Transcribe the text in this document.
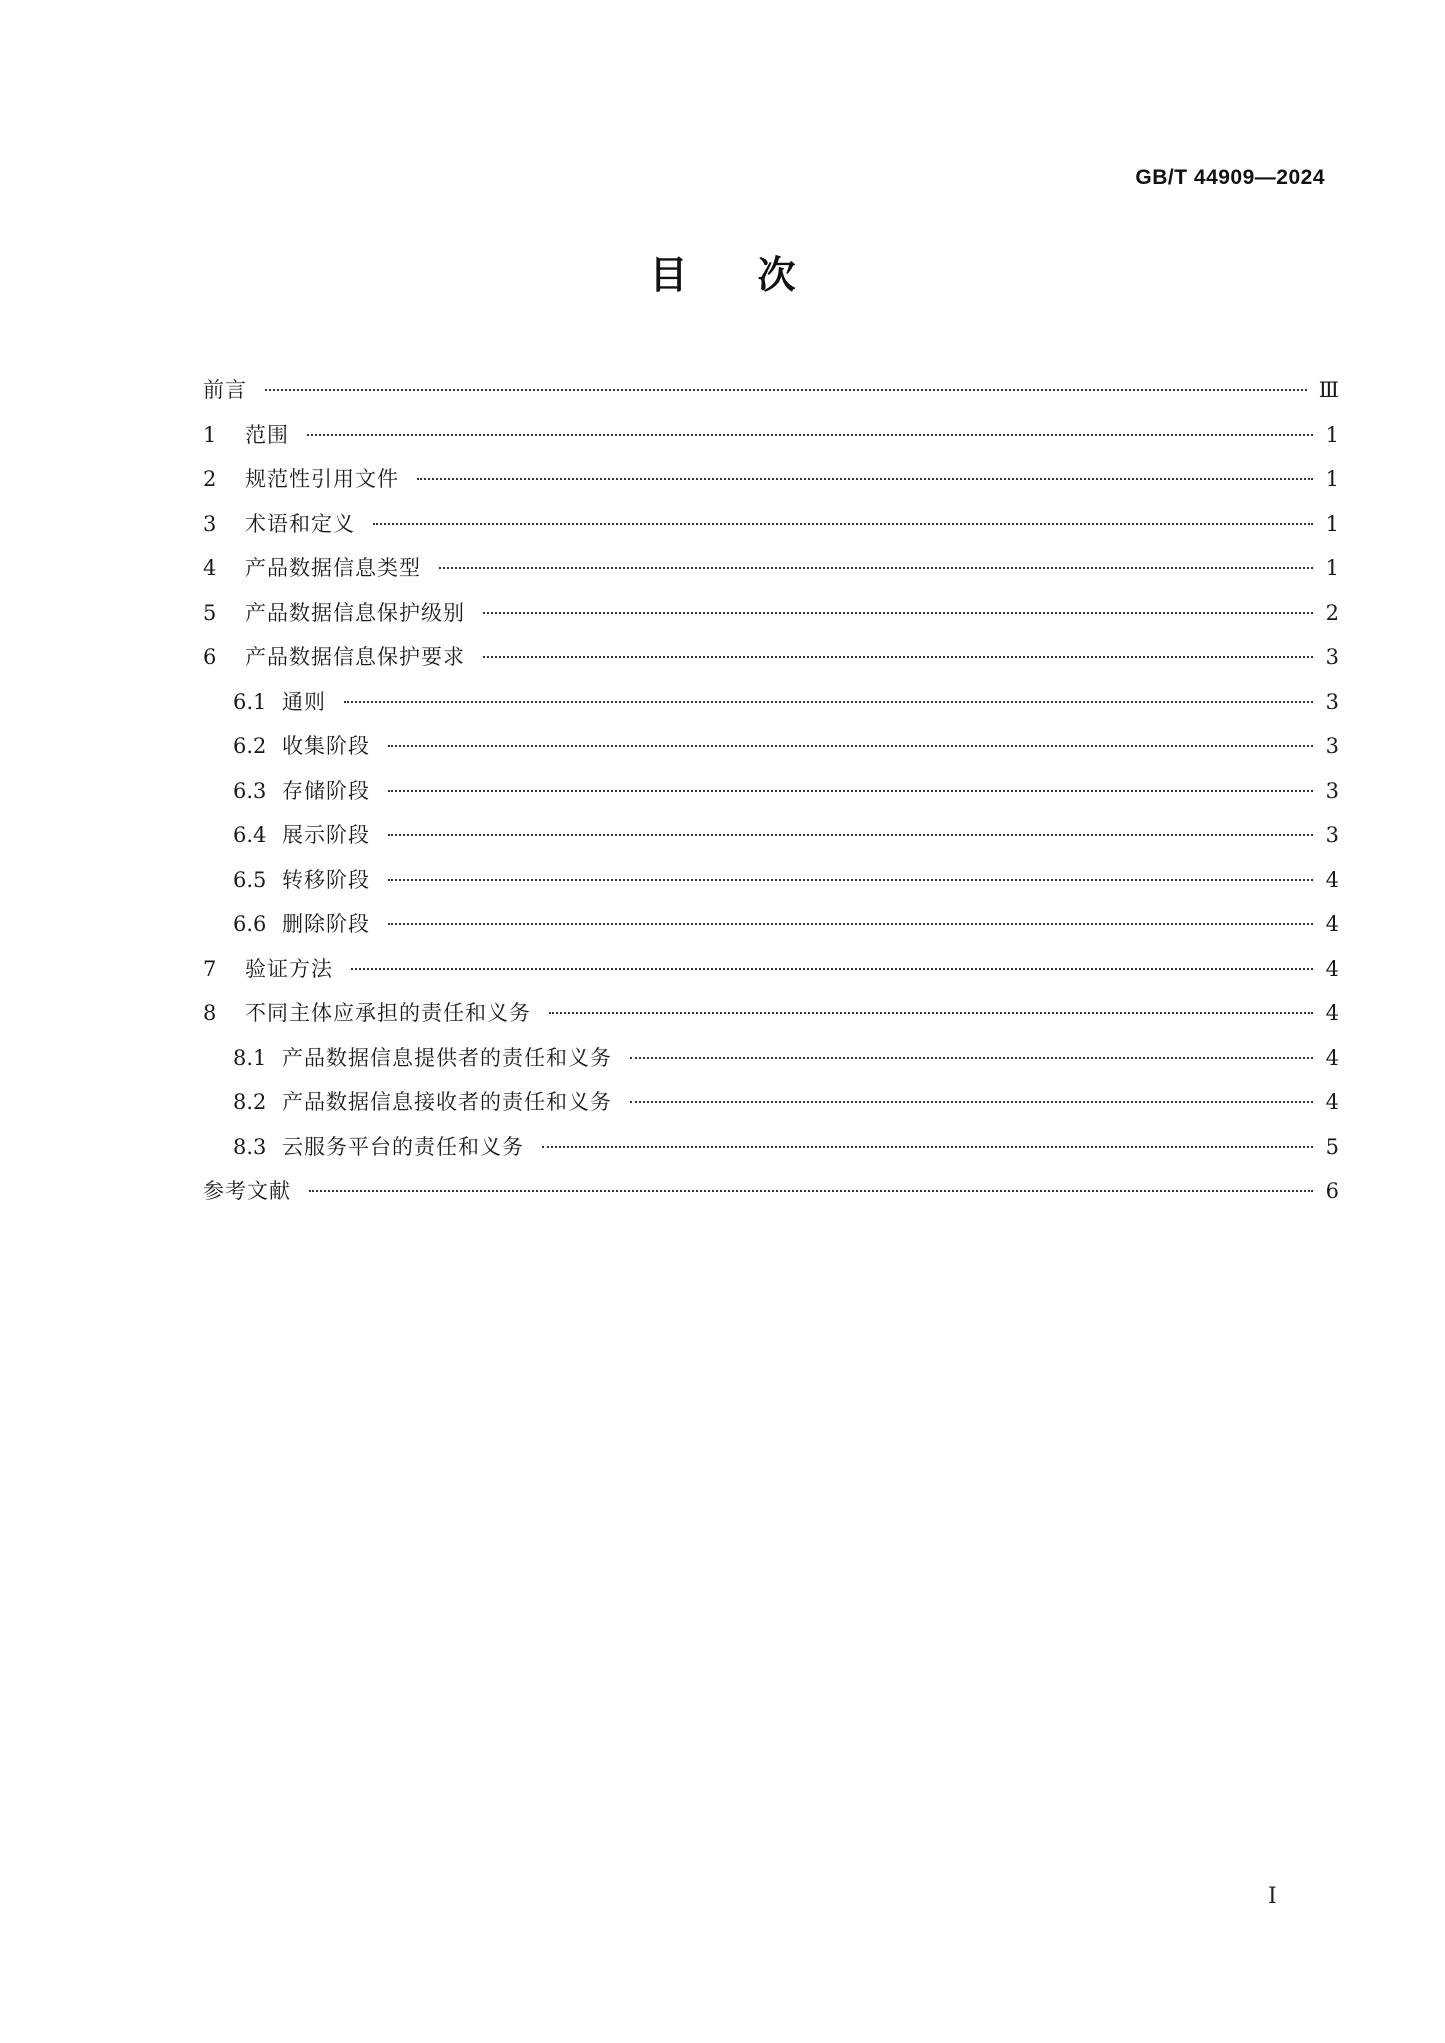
GB/T 44909—2024
目次
前言	Ⅲ
1	范围	1
2	规范性引用文件	1
3	术语和定义	1
4	产品数据信息类型	1
5	产品数据信息保护级别	2
6	产品数据信息保护要求	3
6.1 通则	3
6.2 收集阶段	3
6.3 存储阶段	3
6.4 展示阶段	3
6.5 转移阶段	4
6.6 删除阶段	4
7	验证方法	4
8	不同主体应承担的责任和义务	4
8.1 产品数据信息提供者的责任和义务	4
8.2 产品数据信息接收者的责任和义务	4
8.3 云服务平台的责任和义务	5
参考文献	6
Ⅰ
